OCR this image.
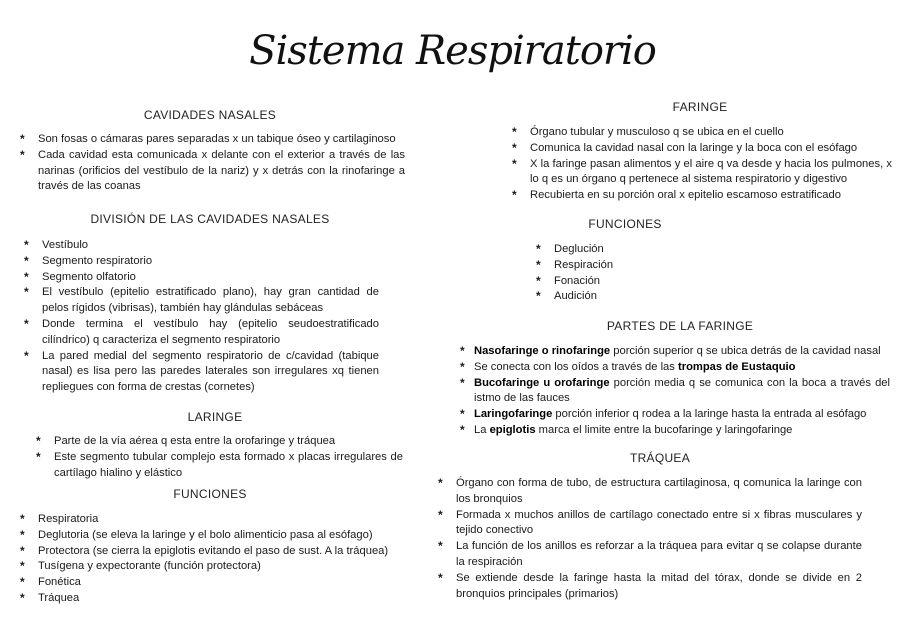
Sistema Respiratorio
CAVIDADES NASALES
* Son fosas o cámaras pares separadas x un tabique óseo y cartilaginoso
* Cada cavidad esta comunicada x delante con el exterior a través de las narinas (orificios del vestíbulo de la nariz) y x detrás con la rinofaringe a través de las coanas
DIVISIÓN DE LAS CAVIDADES NASALES
* Vestíbulo
* Segmento respiratorio
* Segmento olfatorio
* El vestíbulo (epitelio estratificado plano), hay gran cantidad de pelos rígidos (vibrisas), también hay glándulas sebáceas
* Donde termina el vestíbulo hay (epitelio seudoestratificado cilíndrico) q caracteriza el segmento respiratorio
* La pared medial del segmento respiratorio de c/cavidad (tabique nasal) es lisa pero las paredes laterales son irregulares xq tienen repliegues con forma de crestas (cornetes)
LARINGE
* Parte de la vía aérea q esta entre la orofaringe y tráquea
* Este segmento tubular complejo esta formado x placas irregulares de cartílago hialino y elástico
FUNCIONES
* Respiratoria
* Deglutoria (se eleva la laringe y el bolo alimenticio pasa al esófago)
* Protectora (se cierra la epiglotis evitando el paso de sust. A la tráquea)
* Tusígena y expectorante (función protectora)
* Fonética
* Tráquea
FARINGE
* Órgano tubular y musculoso q se ubica en el cuello
* Comunica la cavidad nasal con la laringe y la boca con el esófago
* X la faringe pasan alimentos y el aire q va desde y hacia los pulmones, x lo q es un órgano q pertenece al sistema respiratorio y digestivo
* Recubierta en su porción oral x epitelio escamoso estratificado
FUNCIONES
* Deglución
* Respiración
* Fonación
* Audición
PARTES DE LA FARINGE
* Nasofaringe o rinofaringe porción superior q se ubica detrás de la cavidad nasal
* Se conecta con los oídos a través de las trompas de Eustaquio
* Bucofaringe u orofaringe porción media q se comunica con la boca a través del istmo de las fauces
* Laringofaringe porción inferior q rodea a la laringe hasta la entrada al esófago
* La epiglotis marca el limite entre la bucofaringe y laringofaringe
TRÁQUEA
* Órgano con forma de tubo, de estructura cartilaginosa, q comunica la laringe con los bronquios
* Formada x muchos anillos de cartílago conectado entre si x fibras musculares y tejido conectivo
* La función de los anillos es reforzar a la tráquea para evitar q se colapse durante la respiración
* Se extiende desde la faringe hasta la mitad del tórax, donde se divide en 2 bronquios principales (primarios)
